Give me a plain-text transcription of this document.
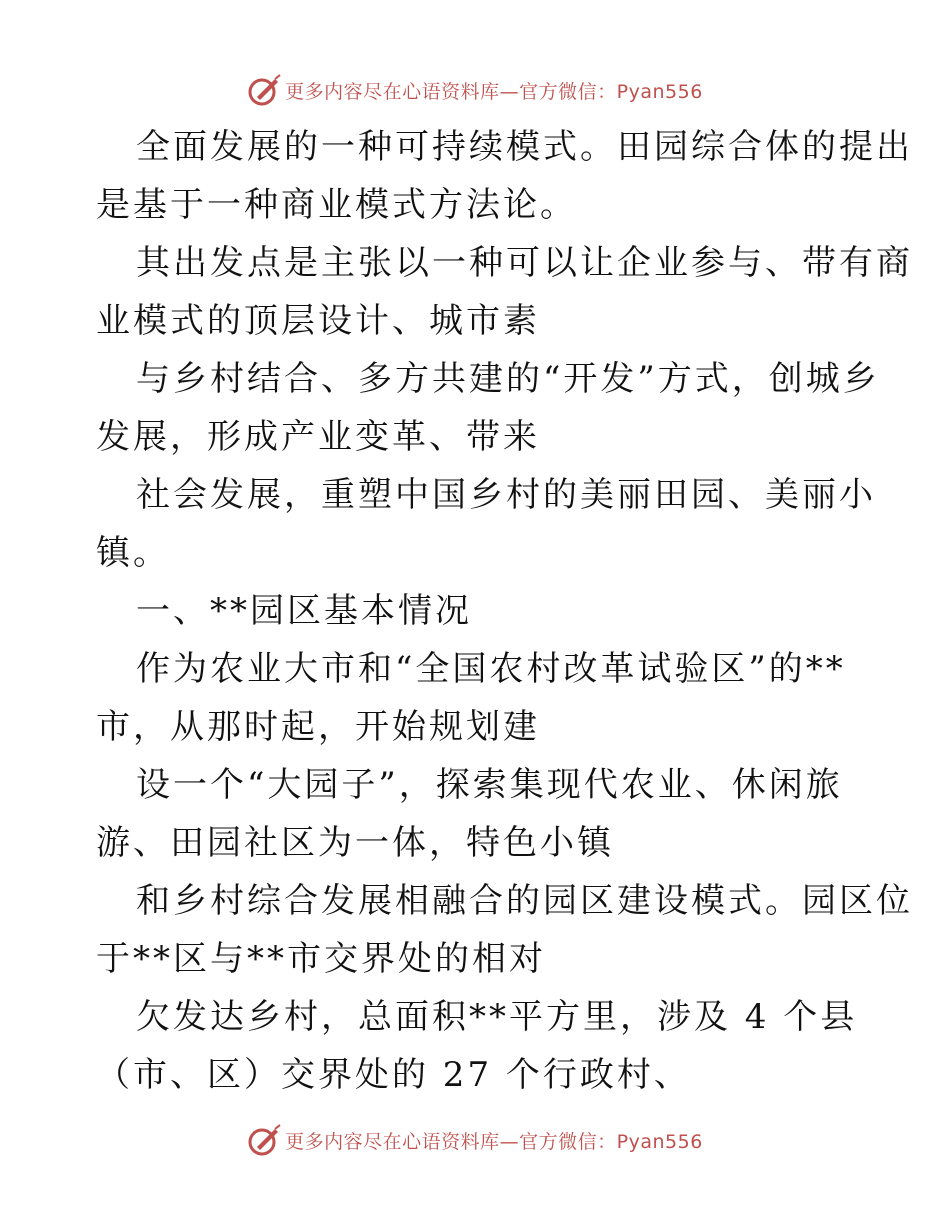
更多内容尽在心语资料库—官方微信：Pyan556
全面发展的一种可持续模式。田园综合体的提出
是基于一种商业模式方法论。
其出发点是主张以一种可以让企业参与、带有商
业模式的顶层设计、城市素
与乡村结合、多方共建的“开发”方式，创城乡
发展，形成产业变革、带来
社会发展，重塑中国乡村的美丽田园、美丽小
镇。
一、**园区基本情况
作为农业大市和“全国农村改革试验区”的**
市，从那时起，开始规划建
设一个“大园子”，探索集现代农业、休闲旅
游、田园社区为一体，特色小镇
和乡村综合发展相融合的园区建设模式。园区位
于**区与**市交界处的相对
欠发达乡村，总面积**平方里，涉及 4 个县
（市、区）交界处的 27 个行政村、
更多内容尽在心语资料库—官方微信：Pyan556
